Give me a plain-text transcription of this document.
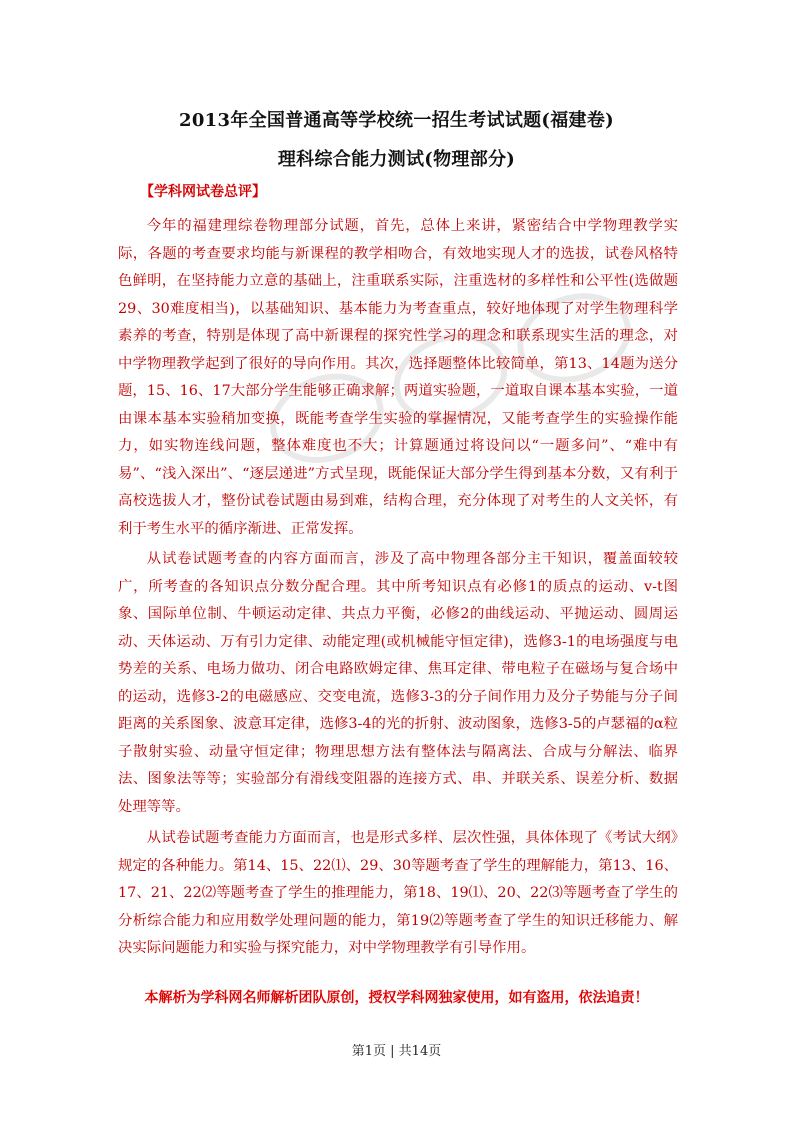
2013年全国普通高等学校统一招生考试试题(福建卷)
理科综合能力测试(物理部分)
【学科网试卷总评】
今年的福建理综卷物理部分试题，首先，总体上来讲，紧密结合中学物理教学实际，各题的考查要求均能与新课程的教学相吻合，有效地实现人才的选拔，试卷风格特色鲜明，在坚持能力立意的基础上，注重联系实际，注重选材的多样性和公平性(选做题29、30难度相当)，以基础知识、基本能力为考查重点，较好地体现了对学生物理科学素养的考查，特别是体现了高中新课程的探究性学习的理念和联系现实生活的理念，对中学物理教学起到了很好的导向作用。其次，选择题整体比较简单，第13、14题为送分题，15、16、17大部分学生能够正确求解；两道实验题，一道取自课本基本实验，一道由课本基本实验稍加变换，既能考查学生实验的掌握情况，又能考查学生的实验操作能力，如实物连线问题，整体难度也不大；计算题通过将设问以“一题多问”、“难中有易”、“浅入深出”、“逐层递进”方式呈现，既能保证大部分学生得到基本分数，又有利于高校选拔人才，整份试卷试题由易到难，结构合理，充分体现了对考生的人文关怀，有利于考生水平的循序渐进、正常发挥。
从试卷试题考查的内容方面而言，涉及了高中物理各部分主干知识，覆盖面较较广，所考查的各知识点分数分配合理。其中所考知识点有必修1的质点的运动、v-t图象、国际单位制、牛顿运动定律、共点力平衡，必修2的曲线运动、平抛运动、圆周运动、天体运动、万有引力定律、动能定理(或机械能守恒定律)，选修3-1的电场强度与电势差的关系、电场力做功、闭合电路欧姆定律、焦耳定律、带电粒子在磁场与复合场中的运动，选修3-2的电磁感应、交变电流，选修3-3的分子间作用力及分子势能与分子间距离的关系图象、波意耳定律，选修3-4的光的折射、波动图象，选修3-5的卢瑟福的α粒子散射实验、动量守恒定律；物理思想方法有整体法与隔离法、合成与分解法、临界法、图象法等等；实验部分有滑线变阻器的连接方式、串、并联关系、误差分析、数据处理等等。
从试卷试题考查能力方面而言，也是形式多样、层次性强，具体体现了《考试大纲》规定的各种能力。第14、15、22⑴、29、30等题考查了学生的理解能力，第13、16、17、21、22⑵等题考查了学生的推理能力，第18、19⑴、20、22⑶等题考查了学生的分析综合能力和应用数学处理问题的能力，第19⑵等题考查了学生的知识迁移能力、解决实际问题能力和实验与探究能力，对中学物理教学有引导作用。
本解析为学科网名师解析团队原创，授权学科网独家使用，如有盗用，依法追责！
第1页 | 共14页
